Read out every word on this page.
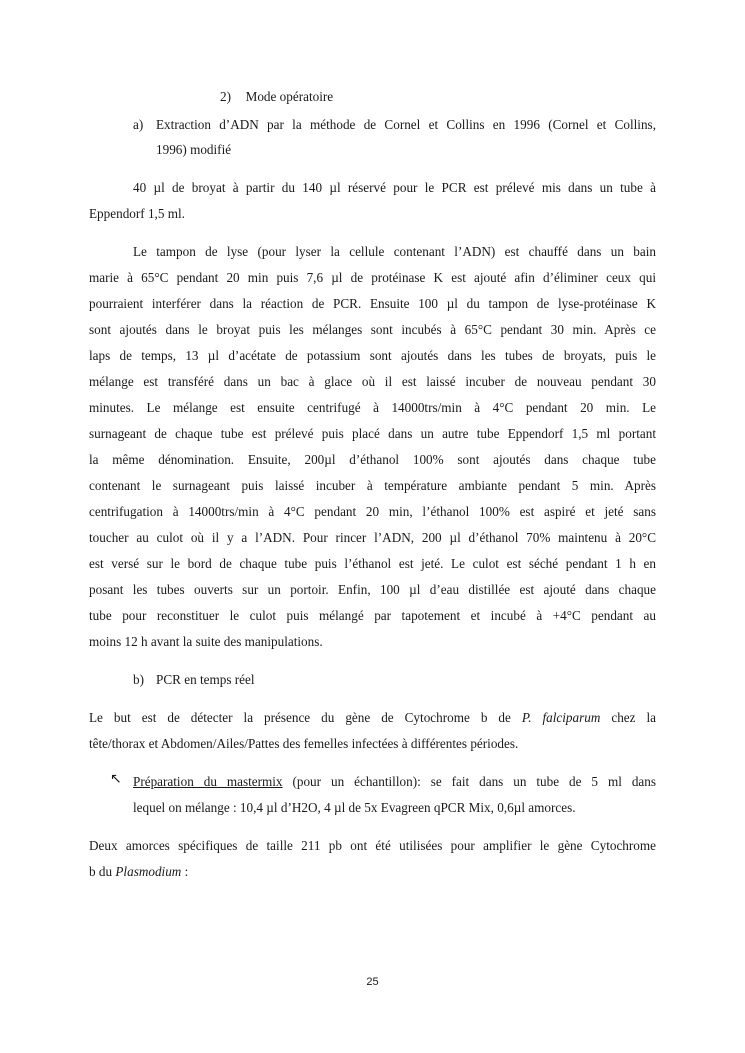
2) Mode opératoire
a) Extraction d’ADN par la méthode de Cornel et Collins en 1996 (Cornel et Collins,
1996) modifié
40 µl de broyat à partir du 140 µl réservé pour le PCR est prélevé mis dans un tube à
Eppendorf 1,5 ml.
Le tampon de lyse (pour lyser la cellule contenant l’ADN) est chauffé dans un bain
marie à 65°C pendant 20 min puis 7,6 µl de protéinase K est ajouté afin d’éliminer ceux qui
pourraient interférer dans la réaction de PCR. Ensuite 100 µl du tampon de lyse-protéinase K
sont ajoutés dans le broyat puis les mélanges sont incubés à 65°C pendant 30 min. Après ce
laps de temps, 13 µl d’acétate de potassium sont ajoutés dans les tubes de broyats, puis le
mélange est transféré dans un bac à glace où il est laissé incuber de nouveau pendant 30
minutes. Le mélange est ensuite centrifugé à 14000trs/min à 4°C pendant 20 min. Le
surnageant de chaque tube est prélevé puis placé dans un autre tube Eppendorf 1,5 ml portant
la même dénomination. Ensuite, 200µl d’éthanol 100% sont ajoutés dans chaque tube
contenant le surnageant puis laissé incuber à température ambiante pendant 5 min. Après
centrifugation à 14000trs/min à 4°C pendant 20 min, l’éthanol 100% est aspiré et jeté sans
toucher au culot où il y a l’ADN. Pour rincer l’ADN, 200 µl d’éthanol 70% maintenu à 20°C
est versé sur le bord de chaque tube puis l’éthanol est jeté. Le culot est séché pendant 1 h en
posant les tubes ouverts sur un portoir. Enfin, 100 µl d’eau distillée est ajouté dans chaque
tube pour reconstituer le culot puis mélangé par tapotement et incubé à +4°C pendant au
moins 12 h avant la suite des manipulations.
b) PCR en temps réel
Le but est de détecter la présence du gène de Cytochrome b de P. falciparum chez la
tête/thorax et Abdomen/Ailes/Pattes des femelles infectées à différentes périodes.
↖ Préparation du mastermix (pour un échantillon): se fait dans un tube de 5 ml dans
lequel on mélange : 10,4 µl d’H2O, 4 µl de 5x Evagreen qPCR Mix, 0,6µl amorces.
Deux amorces spécifiques de taille 211 pb ont été utilisées pour amplifier le gène Cytochrome
b du Plasmodium :
25
